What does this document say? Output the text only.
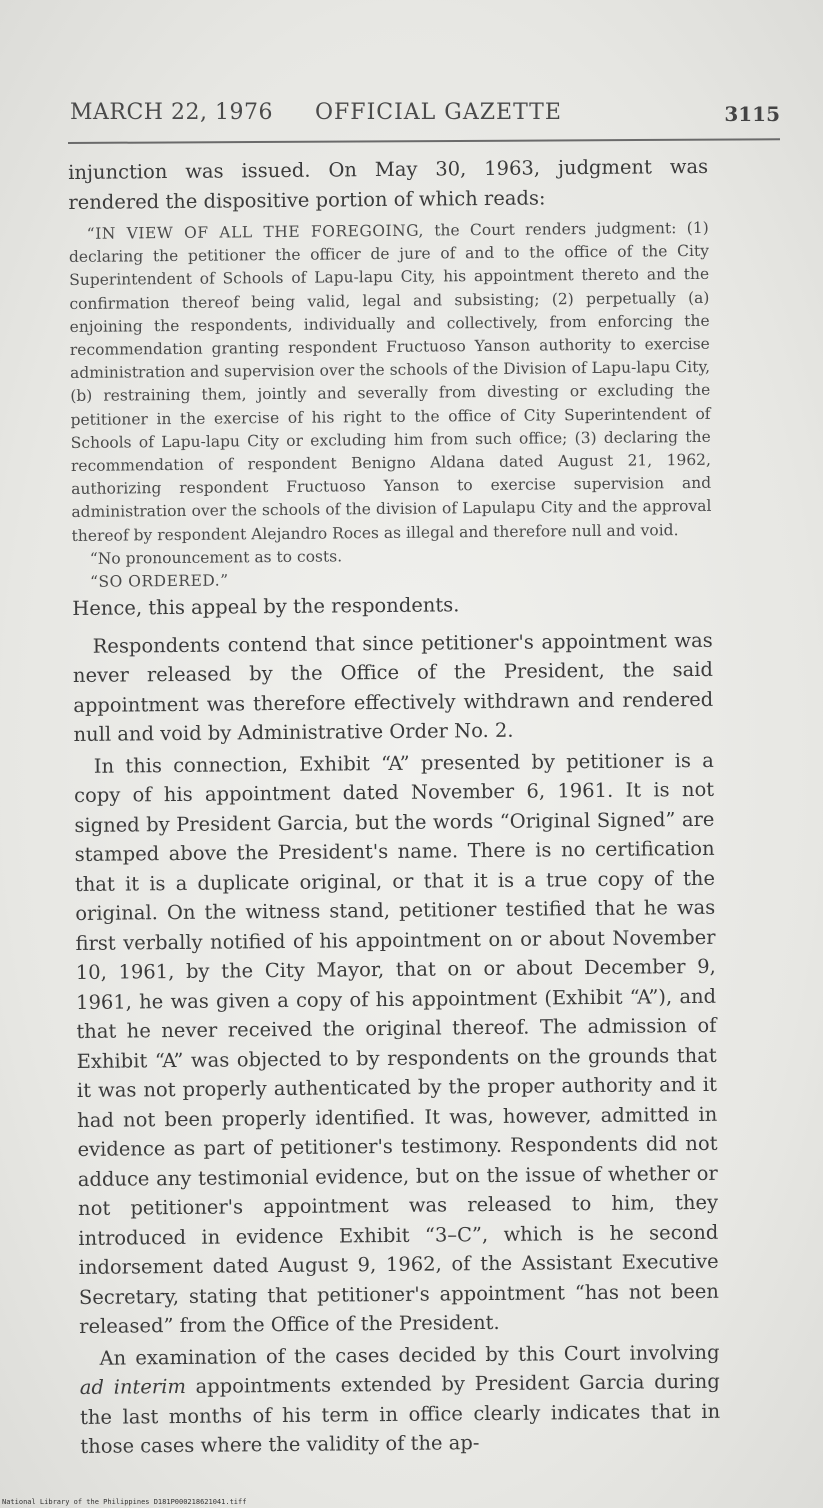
MARCH 22, 1976 OFFICIAL GAZETTE	3115

injunction was issued. On May 30, 1963, judgment was rendered the dispositive portion of which reads:

“IN VIEW OF ALL THE FOREGOING, the Court renders judgment: (1) declaring the petitioner the officer de jure of and to the office of the City Superintendent of Schools of Lapu-lapu City, his appointment thereto and the confirmation thereof being valid, legal and subsisting; (2) perpetually (a) enjoining the respondents, individually and collectively, from enforcing the recommendation granting respondent Fructuoso Yanson authority to exercise administration and supervision over the schools of the Division of Lapu-lapu City, (b) restraining them, jointly and severally from divesting or excluding the petitioner in the exercise of his right to the office of City Superintendent of Schools of Lapu-lapu City or excluding him from such office; (3) declaring the recommendation of respondent Benigno Aldana dated August 21, 1962, authorizing respondent Fructuoso Yanson to exercise supervision and administration over the schools of the division of Lapulapu City and the approval thereof by respondent Alejandro Roces as illegal and therefore null and void.

“No pronouncement as to costs.

“SO ORDERED.”

Hence, this appeal by the respondents.

Respondents contend that since petitioner's appointment was never released by the Office of the President, the said appointment was therefore effectively withdrawn and rendered null and void by Administrative Order No. 2.

In this connection, Exhibit “A” presented by petitioner is a copy of his appointment dated November 6, 1961. It is not signed by President Garcia, but the words “Original Signed” are stamped above the President's name. There is no certification that it is a duplicate original, or that it is a true copy of the original. On the witness stand, petitioner testified that he was first verbally notified of his appointment on or about November 10, 1961, by the City Mayor, that on or about December 9, 1961, he was given a copy of his appointment (Exhibit “A”), and that he never received the original thereof. The admission of Exhibit “A” was objected to by respondents on the grounds that it was not properly authenticated by the proper authority and it had not been properly identified. It was, however, admitted in evidence as part of petitioner's testimony. Respondents did not adduce any testimonial evidence, but on the issue of whether or not petitioner's appointment was released to him, they introduced in evidence Exhibit “3–C”, which is he second indorsement dated August 9, 1962, of the Assistant Executive Secretary, stating that petitioner's appointment “has not been released” from the Office of the President.

An examination of the cases decided by this Court involving ad interim appointments extended by President Garcia during the last months of his term in office clearly indicates that in those cases where the validity of the ap-

National Library of the Philippines D181P000218621041.tiff
